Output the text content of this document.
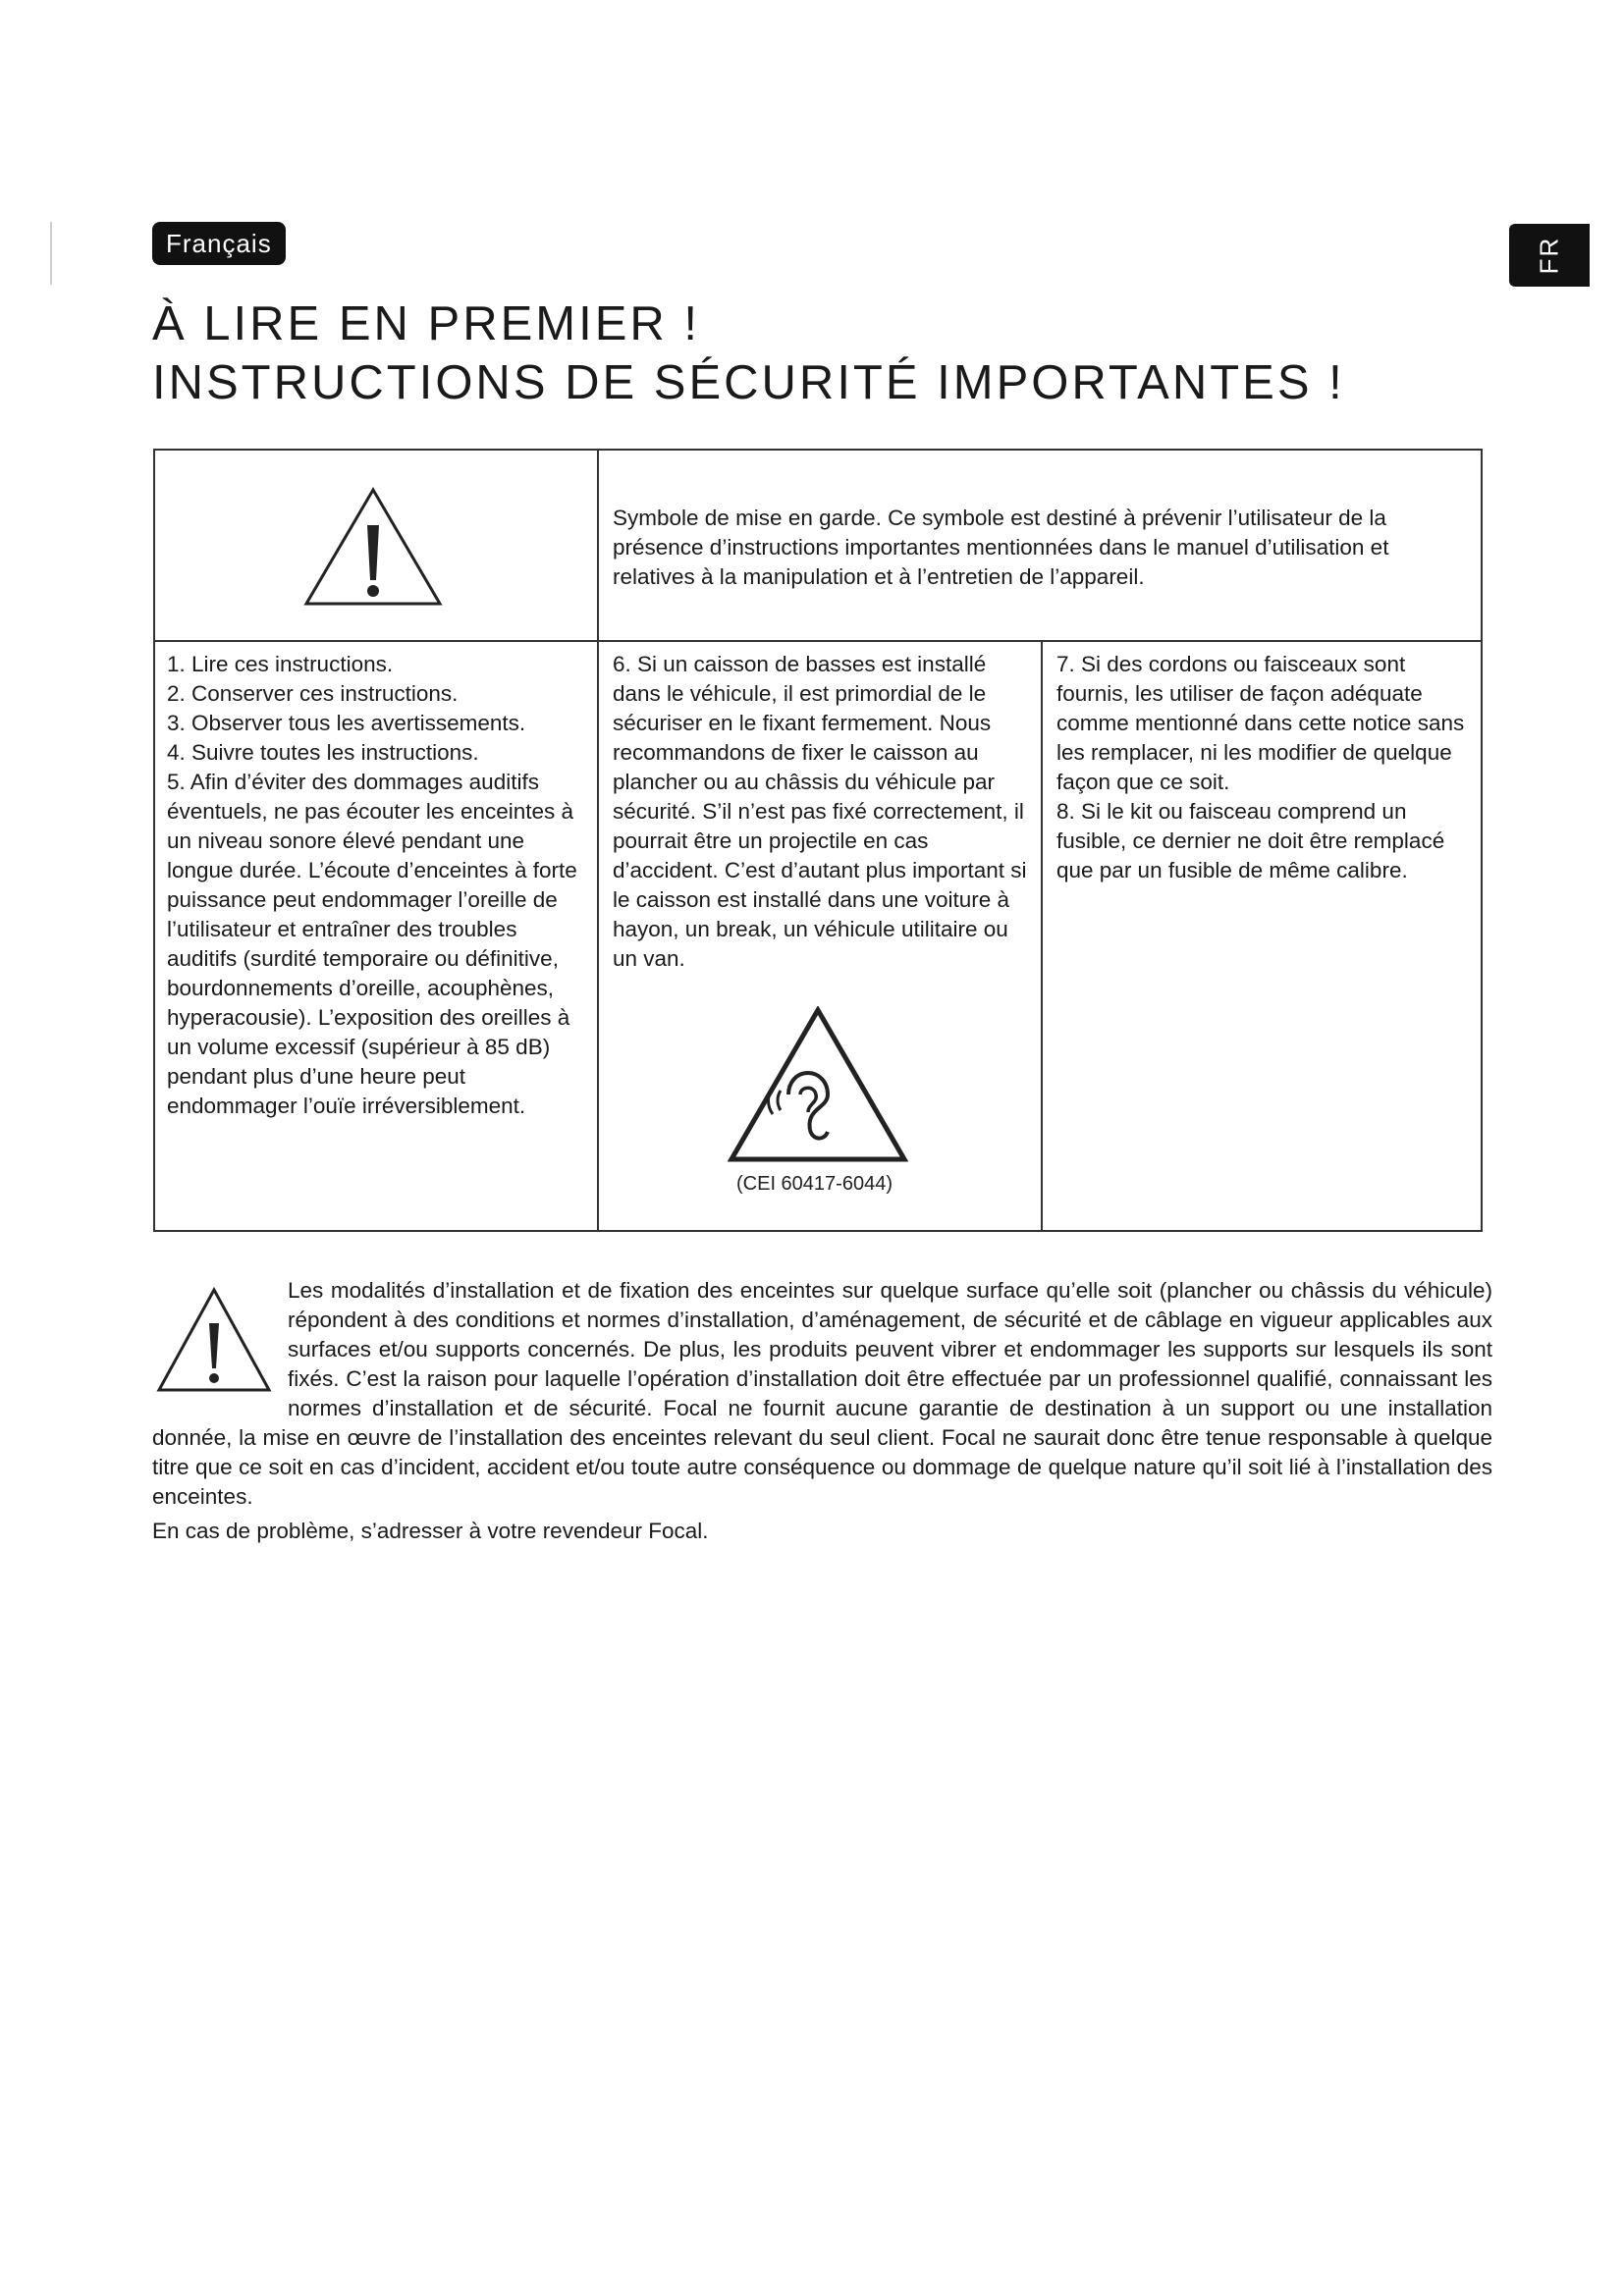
Français	FR
À LIRE EN PREMIER !
INSTRUCTIONS DE SÉCURITÉ IMPORTANTES !
Symbole de mise en garde. Ce symbole est destiné à prévenir l’utilisateur de la présence d’instructions importantes mentionnées dans le manuel d’utilisation et relatives à la manipulation et à l’entretien de l’appareil.

1. Lire ces instructions.

2. Conserver ces instructions.

3. Observer tous les avertissements.

4. Suivre toutes les instructions.

5. Afin d’éviter des dommages auditifs éventuels, ne pas écouter les enceintes à un niveau sonore élevé pendant une longue durée. L’écoute d’enceintes à forte puissance peut endommager l’oreille de l’utilisateur et entraîner des troubles auditifs (surdité temporaire ou définitive, bourdonnements d’oreille, acouphènes, hyperacousie). L’exposition des oreilles à un volume excessif (supérieur à 85 dB) pendant plus d’une heure peut endommager l’ouïe irréversiblement.

6. Si un caisson de basses est installé dans le véhicule, il est primordial de le sécuriser en le fixant fermement. Nous recommandons de fixer le caisson au plancher ou au châssis du véhicule par sécurité. S’il n’est pas fixé correctement, il pourrait être un projectile en cas d’accident. C’est d’autant plus important si le caisson est installé dans une voiture à hayon, un break, un véhicule utilitaire ou un van.

(CEI 60417-6044)

7. Si des cordons ou faisceaux sont fournis, les utiliser de façon adéquate comme mentionné dans cette notice sans les remplacer, ni les modifier de quelque façon que ce soit.

8. Si le kit ou faisceau comprend un fusible, ce dernier ne doit être remplacé que par un fusible de même calibre.

Les modalités d’installation et de fixation des enceintes sur quelque surface qu’elle soit (plancher ou châssis du véhicule) répondent à des conditions et normes d’installation, d’aménagement, de sécurité et de câblage en vigueur applicables aux surfaces et/ou supports concernés. De plus, les produits peuvent vibrer et endommager les supports sur lesquels ils sont fixés. C’est la raison pour laquelle l’opération d’installation doit être effectuée par un professionnel qualifié, connaissant les normes d’installation et de sécurité. Focal ne fournit aucune garantie de destination à un support ou une installation donnée, la mise en œuvre de l’installation des enceintes relevant du seul client. Focal ne saurait donc être tenue responsable à quelque titre que ce soit en cas d’incident, accident et/ou toute autre conséquence ou dommage de quelque nature qu’il soit lié à l’installation des enceintes.

En cas de problème, s’adresser à votre revendeur Focal.
